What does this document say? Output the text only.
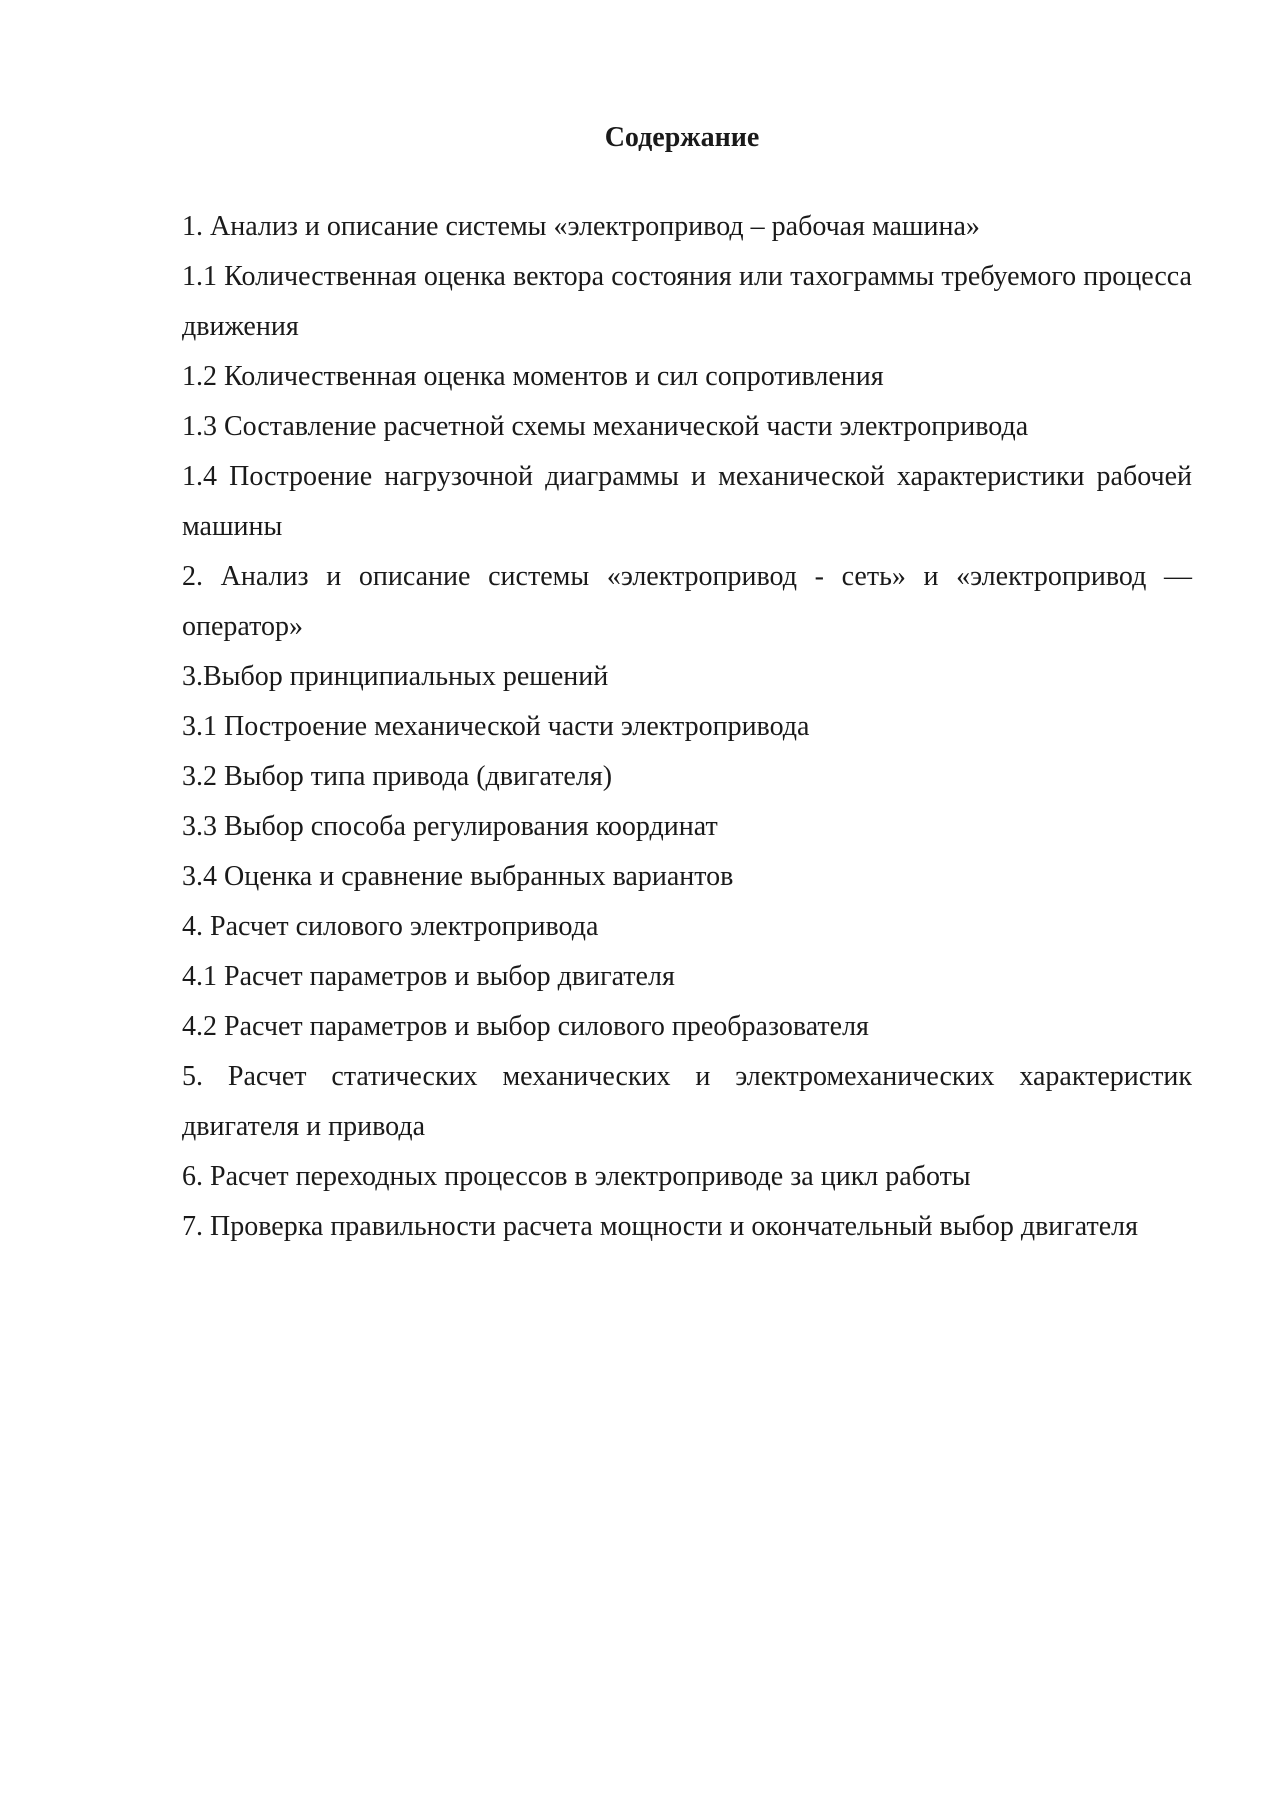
Содержание
1. Анализ и описание системы «электропривод – рабочая машина»
1.1 Количественная оценка вектора состояния или тахограммы требуемого процесса движения
1.2 Количественная оценка моментов и сил сопротивления
1.3 Составление расчетной схемы механической части электропривода
1.4 Построение нагрузочной диаграммы и механической характеристики рабочей машины
2. Анализ и описание системы «электропривод - сеть» и «электропривод — оператор»
3.Выбор принципиальных решений
3.1 Построение механической части электропривода
3.2 Выбор типа привода (двигателя)
3.3 Выбор способа регулирования координат
3.4 Оценка и сравнение выбранных вариантов
4. Расчет силового электропривода
4.1 Расчет параметров и выбор двигателя
4.2 Расчет параметров и выбор силового преобразователя
5. Расчет статических механических и электромеханических характеристик двигателя и привода
6. Расчет переходных процессов в электроприводе за цикл работы
7. Проверка правильности расчета мощности и окончательный выбор двигателя
